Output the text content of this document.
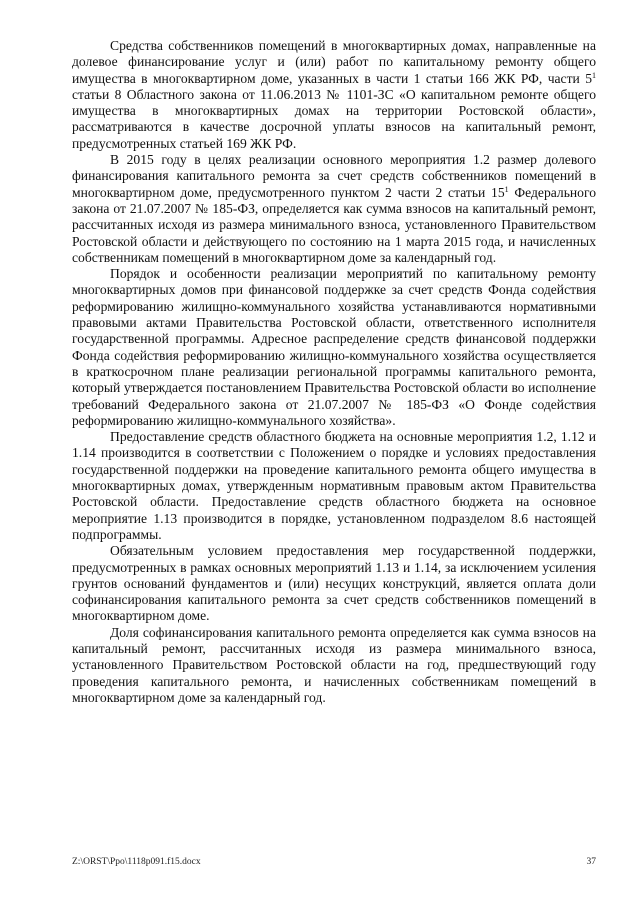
Средства собственников помещений в многоквартирных домах, направленные на долевое финансирование услуг и (или) работ по капитальному ремонту общего имущества в многоквартирном доме, указанных в части 1 статьи 166 ЖК РФ, части $5^1$ статьи 8 Областного закона от 11.06.2013 № 1101-ЗС «О капитальном ремонте общего имущества в многоквартирных домах на территории Ростовской области», рассматриваются в качестве досрочной уплаты взносов на капитальный ремонт, предусмотренных статьей 169 ЖК РФ.

В 2015 году в целях реализации основного мероприятия 1.2 размер долевого финансирования капитального ремонта за счет средств собственников помещений в многоквартирном доме, предусмотренного пунктом 2 части 2 статьи $15^1$ Федерального закона от 21.07.2007 № 185-ФЗ, определяется как сумма взносов на капитальный ремонт, рассчитанных исходя из размера минимального взноса, установленного Правительством Ростовской области и действующего по состоянию на 1 марта 2015 года, и начисленных собственникам помещений в многоквартирном доме за календарный год.

Порядок и особенности реализации мероприятий по капитальному ремонту многоквартирных домов при финансовой поддержке за счет средств Фонда содействия реформированию жилищно-коммунального хозяйства устанавливаются нормативными правовыми актами Правительства Ростовской области, ответственного исполнителя государственной программы. Адресное распределение средств финансовой поддержки Фонда содействия реформированию жилищно-коммунального хозяйства осуществляется в краткосрочном плане реализации региональной программы капитального ремонта, который утверждается постановлением Правительства Ростовской области во исполнение требований Федерального закона от 21.07.2007 № 185-ФЗ «О Фонде содействия реформированию жилищно-коммунального хозяйства».

Предоставление средств областного бюджета на основные мероприятия 1.2, 1.12 и 1.14 производится в соответствии с Положением о порядке и условиях предоставления государственной поддержки на проведение капитального ремонта общего имущества в многоквартирных домах, утвержденным нормативным правовым актом Правительства Ростовской области. Предоставление средств областного бюджета на основное мероприятие 1.13 производится в порядке, установленном подразделом 8.6 настоящей подпрограммы.

Обязательным условием предоставления мер государственной поддержки, предусмотренных в рамках основных мероприятий 1.13 и 1.14, за исключением усиления грунтов оснований фундаментов и (или) несущих конструкций, является оплата доли софинансирования капитального ремонта за счет средств собственников помещений в многоквартирном доме.

Доля софинансирования капитального ремонта определяется как сумма взносов на капитальный ремонт, рассчитанных исходя из размера минимального взноса, установленного Правительством Ростовской области на год, предшествующий году проведения капитального ремонта, и начисленных собственникам помещений в многоквартирном доме за календарный год.

Z:\ORST\Ppo\1118p091.f15.docx	37
